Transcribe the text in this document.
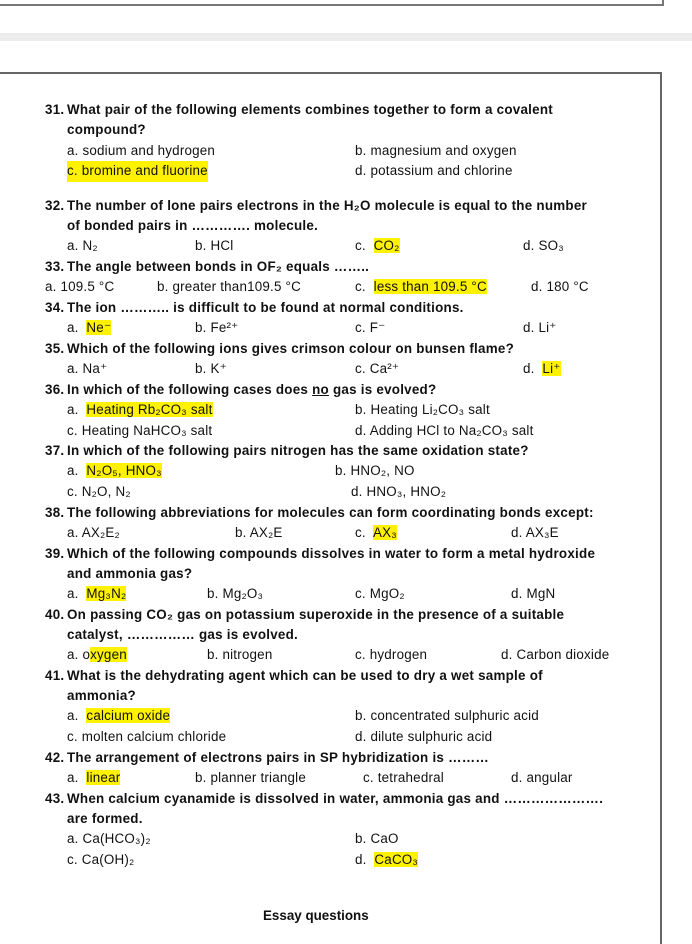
31. What pair of the following elements combines together to form a covalent
compound?
a. sodium and hydrogen	b. magnesium and oxygen
c. bromine and fluorine	d. potassium and chlorine
32. The number of lone pairs electrons in the H₂O molecule is equal to the number
of bonded pairs in …………. molecule.
a. N₂	b. HCl	c. CO₂	d. SO₃
33. The angle between bonds in OF₂ equals ……..
a. 109.5 °C	b. greater than109.5 °C	c. less than 109.5 °C	d. 180 °C
34. The ion ……….. is difficult to be found at normal conditions.
a. Ne⁻	b. Fe²⁺	c. F⁻	d. Li⁺
35. Which of the following ions gives crimson colour on bunsen flame?
a. Na⁺	b. K⁺	c. Ca²⁺	d. Li⁺
36. In which of the following cases does no gas is evolved?
a. Heating Rb₂CO₃ salt	b. Heating Li₂CO₃ salt
c. Heating NaHCO₃ salt	d. Adding HCl to Na₂CO₃ salt
37. In which of the following pairs nitrogen has the same oxidation state?
a. N₂O₅, HNO₃	b. HNO₂, NO
c. N₂O, N₂	d. HNO₃, HNO₂
38. The following abbreviations for molecules can form coordinating bonds except:
a. AX₂E₂	b. AX₂E	c. AX₃	d. AX₃E
39. Which of the following compounds dissolves in water to form a metal hydroxide
and ammonia gas?
a. Mg₃N₂	b. Mg₂O₃	c. MgO₂	d. MgN
40. On passing CO₂ gas on potassium superoxide in the presence of a suitable
catalyst, …………… gas is evolved.
a. oxygen	b. nitrogen	c. hydrogen	d. Carbon dioxide
41. What is the dehydrating agent which can be used to dry a wet sample of
ammonia?
a. calcium oxide	b. concentrated sulphuric acid
c. molten calcium chloride	d. dilute sulphuric acid
42. The arrangement of electrons pairs in SP hybridization is ………
a. linear	b. planner triangle	c. tetrahedral	d. angular
43. When calcium cyanamide is dissolved in water, ammonia gas and ………………….
are formed.
a. Ca(HCO₃)₂	b. CaO
c. Ca(OH)₂	d. CaCO₃
Essay questions
